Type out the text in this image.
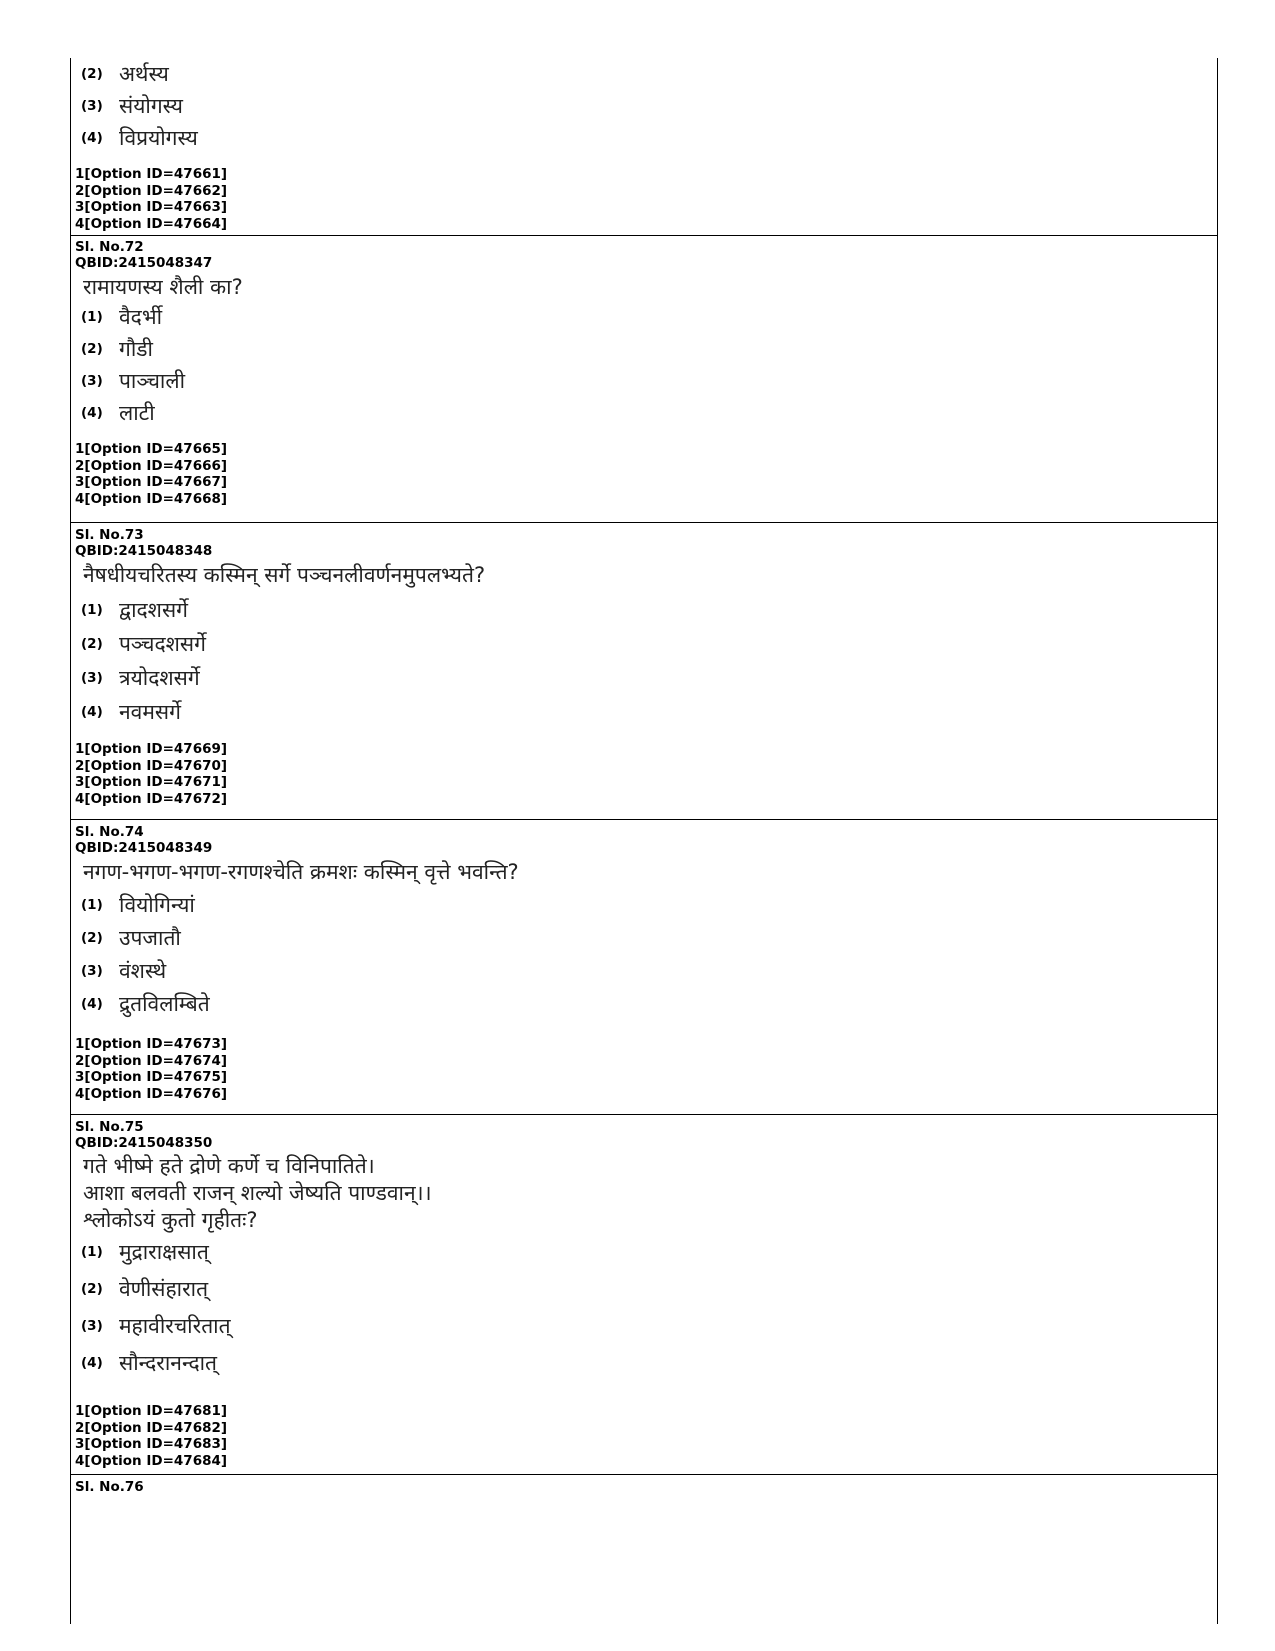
(2) अर्थस्य
(3) संयोगस्य
(4) विप्रयोगस्य
1[Option ID=47661]
2[Option ID=47662]
3[Option ID=47663]
4[Option ID=47664]
Sl. No.72
QBID:2415048347
रामायणस्य शैली का?
(1) वैदर्भी
(2) गौडी
(3) पाञ्चाली
(4) लाटी
1[Option ID=47665]
2[Option ID=47666]
3[Option ID=47667]
4[Option ID=47668]
Sl. No.73
QBID:2415048348
नैषधीयचरितस्य कस्मिन् सर्गे पञ्चनलीवर्णनमुपलभ्यते?
(1) द्वादशसर्गे
(2) पञ्चदशसर्गे
(3) त्रयोदशसर्गे
(4) नवमसर्गे
1[Option ID=47669]
2[Option ID=47670]
3[Option ID=47671]
4[Option ID=47672]
Sl. No.74
QBID:2415048349
नगण-भगण-भगण-रगणश्चेति क्रमशः कस्मिन् वृत्ते भवन्ति?
(1) वियोगिन्यां
(2) उपजातौ
(3) वंशस्थे
(4) द्रुतविलम्बिते
1[Option ID=47673]
2[Option ID=47674]
3[Option ID=47675]
4[Option ID=47676]
Sl. No.75
QBID:2415048350
गते भीष्मे हते द्रोणे कर्णे च विनिपातिते।
आशा बलवती राजन् शल्यो जेष्यति पाण्डवान्।।
श्लोकोऽयं कुतो गृहीतः?
(1) मुद्राराक्षसात्
(2) वेणीसंहारात्
(3) महावीरचरितात्
(4) सौन्दरानन्दात्
1[Option ID=47681]
2[Option ID=47682]
3[Option ID=47683]
4[Option ID=47684]
Sl. No.76
